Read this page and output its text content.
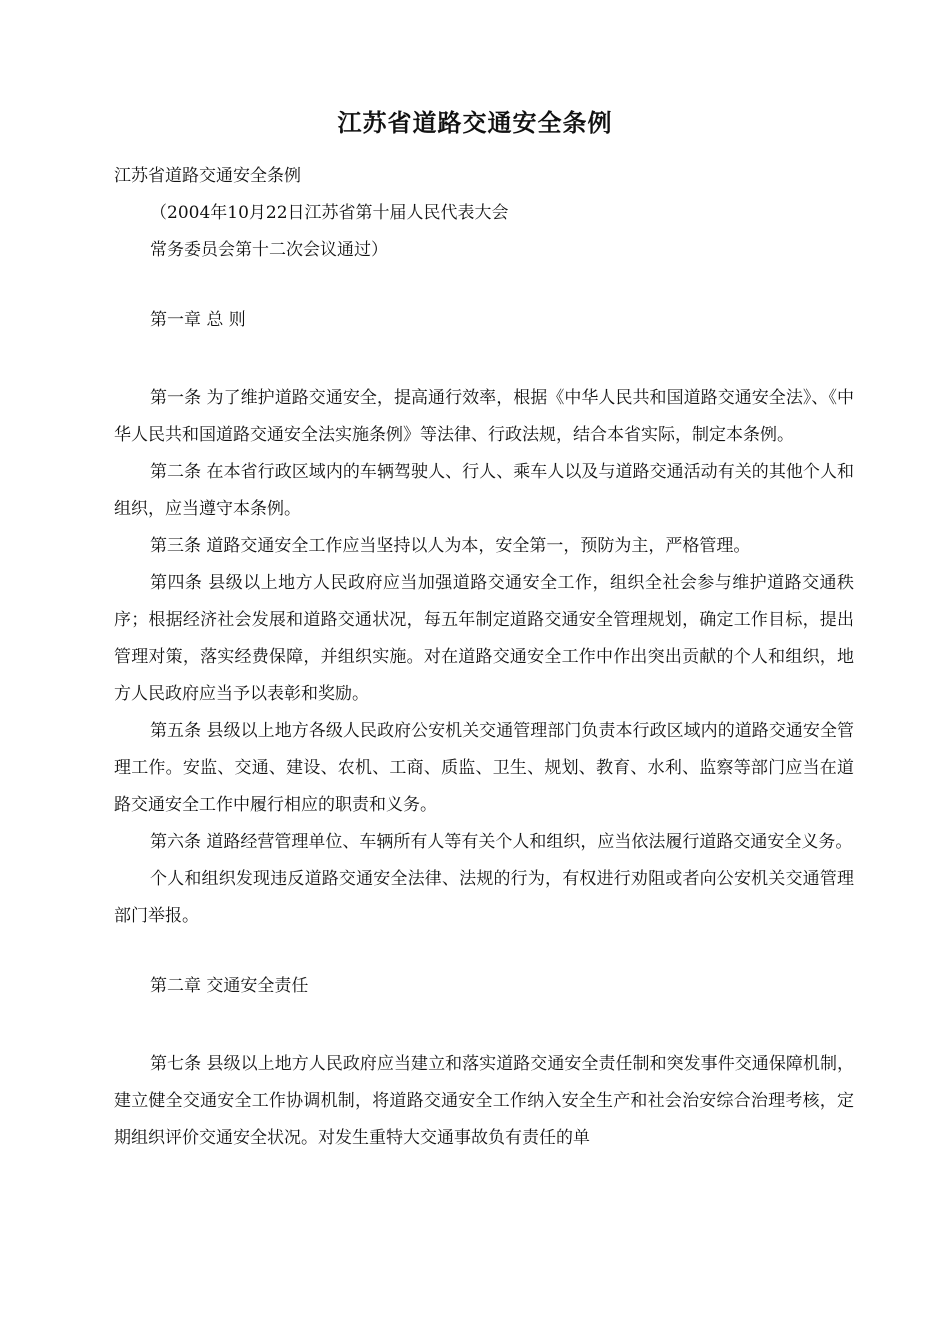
江苏省道路交通安全条例

江苏省道路交通安全条例

（2004年10月22日江苏省第十届人民代表大会

常务委员会第十二次会议通过）

第一章 总 则

第一条 为了维护道路交通安全，提高通行效率，根据《中华人民共和国道路交通安全法》、《中华人民共和国道路交通安全法实施条例》等法律、行政法规，结合本省实际，制定本条例。

第二条 在本省行政区域内的车辆驾驶人、行人、乘车人以及与道路交通活动有关的其他个人和组织，应当遵守本条例。

第三条 道路交通安全工作应当坚持以人为本，安全第一，预防为主，严格管理。

第四条 县级以上地方人民政府应当加强道路交通安全工作，组织全社会参与维护道路交通秩序；根据经济社会发展和道路交通状况，每五年制定道路交通安全管理规划，确定工作目标，提出管理对策，落实经费保障，并组织实施。对在道路交通安全工作中作出突出贡献的个人和组织，地方人民政府应当予以表彰和奖励。

第五条 县级以上地方各级人民政府公安机关交通管理部门负责本行政区域内的道路交通安全管理工作。安监、交通、建设、农机、工商、质监、卫生、规划、教育、水利、监察等部门应当在道路交通安全工作中履行相应的职责和义务。

第六条 道路经营管理单位、车辆所有人等有关个人和组织，应当依法履行道路交通安全义务。

个人和组织发现违反道路交通安全法律、法规的行为，有权进行劝阻或者向公安机关交通管理部门举报。

第二章 交通安全责任

第七条 县级以上地方人民政府应当建立和落实道路交通安全责任制和突发事件交通保障机制，建立健全交通安全工作协调机制，将道路交通安全工作纳入安全生产和社会治安综合治理考核，定期组织评价交通安全状况。对发生重特大交通事故负有责任的单
